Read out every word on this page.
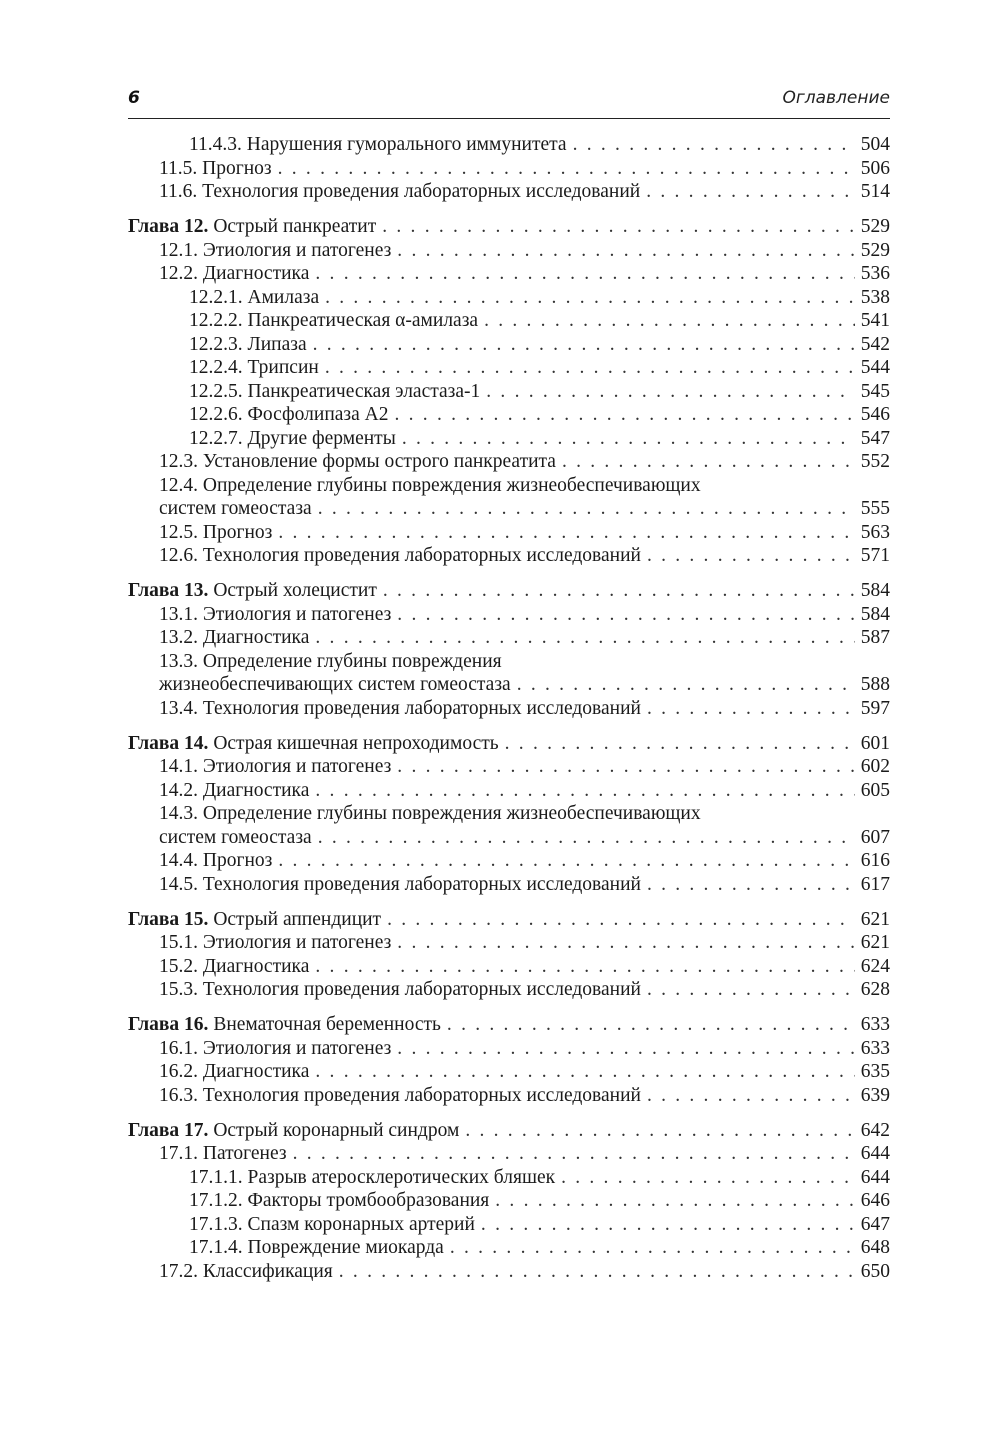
6	Оглавление
11.4.3. Нарушения гуморального иммунитета . . .	504
11.5. Прогноз . . .	506
11.6. Технология проведения лабораторных исследований . . .	514
Глава 12. Острый панкреатит . . .	529
12.1. Этиология и патогенез . . .	529
12.2. Диагностика . . .	536
12.2.1. Амилаза . . .	538
12.2.2. Панкреатическая α-амилаза . . .	541
12.2.3. Липаза . . .	542
12.2.4. Трипсин . . .	544
12.2.5. Панкреатическая эластаза-1 . . .	545
12.2.6. Фосфолипаза А2 . . .	546
12.2.7. Другие ферменты . . .	547
12.3. Установление формы острого панкреатита . . .	552
12.4. Определение глубины повреждения жизнеобеспечивающих
систем гомеостаза . . .	555
12.5. Прогноз . . .	563
12.6. Технология проведения лабораторных исследований . . .	571
Глава 13. Острый холецистит . . .	584
13.1. Этиология и патогенез . . .	584
13.2. Диагностика . . .	587
13.3. Определение глубины повреждения
жизнеобеспечивающих систем гомеостаза . . .	588
13.4. Технология проведения лабораторных исследований . . .	597
Глава 14. Острая кишечная непроходимость . . .	601
14.1. Этиология и патогенез . . .	602
14.2. Диагностика . . .	605
14.3. Определение глубины повреждения жизнеобеспечивающих
систем гомеостаза . . .	607
14.4. Прогноз . . .	616
14.5. Технология проведения лабораторных исследований . . .	617
Глава 15. Острый аппендицит . . .	621
15.1. Этиология и патогенез . . .	621
15.2. Диагностика . . .	624
15.3. Технология проведения лабораторных исследований . . .	628
Глава 16. Внематочная беременность . . .	633
16.1. Этиология и патогенез . . .	633
16.2. Диагностика . . .	635
16.3. Технология проведения лабораторных исследований . . .	639
Глава 17. Острый коронарный синдром . . .	642
17.1. Патогенез . . .	644
17.1.1. Разрыв атеросклеротических бляшек . . .	644
17.1.2. Факторы тромбообразования . . .	646
17.1.3. Спазм коронарных артерий . . .	647
17.1.4. Повреждение миокарда . . .	648
17.2. Классификация . . .	650
